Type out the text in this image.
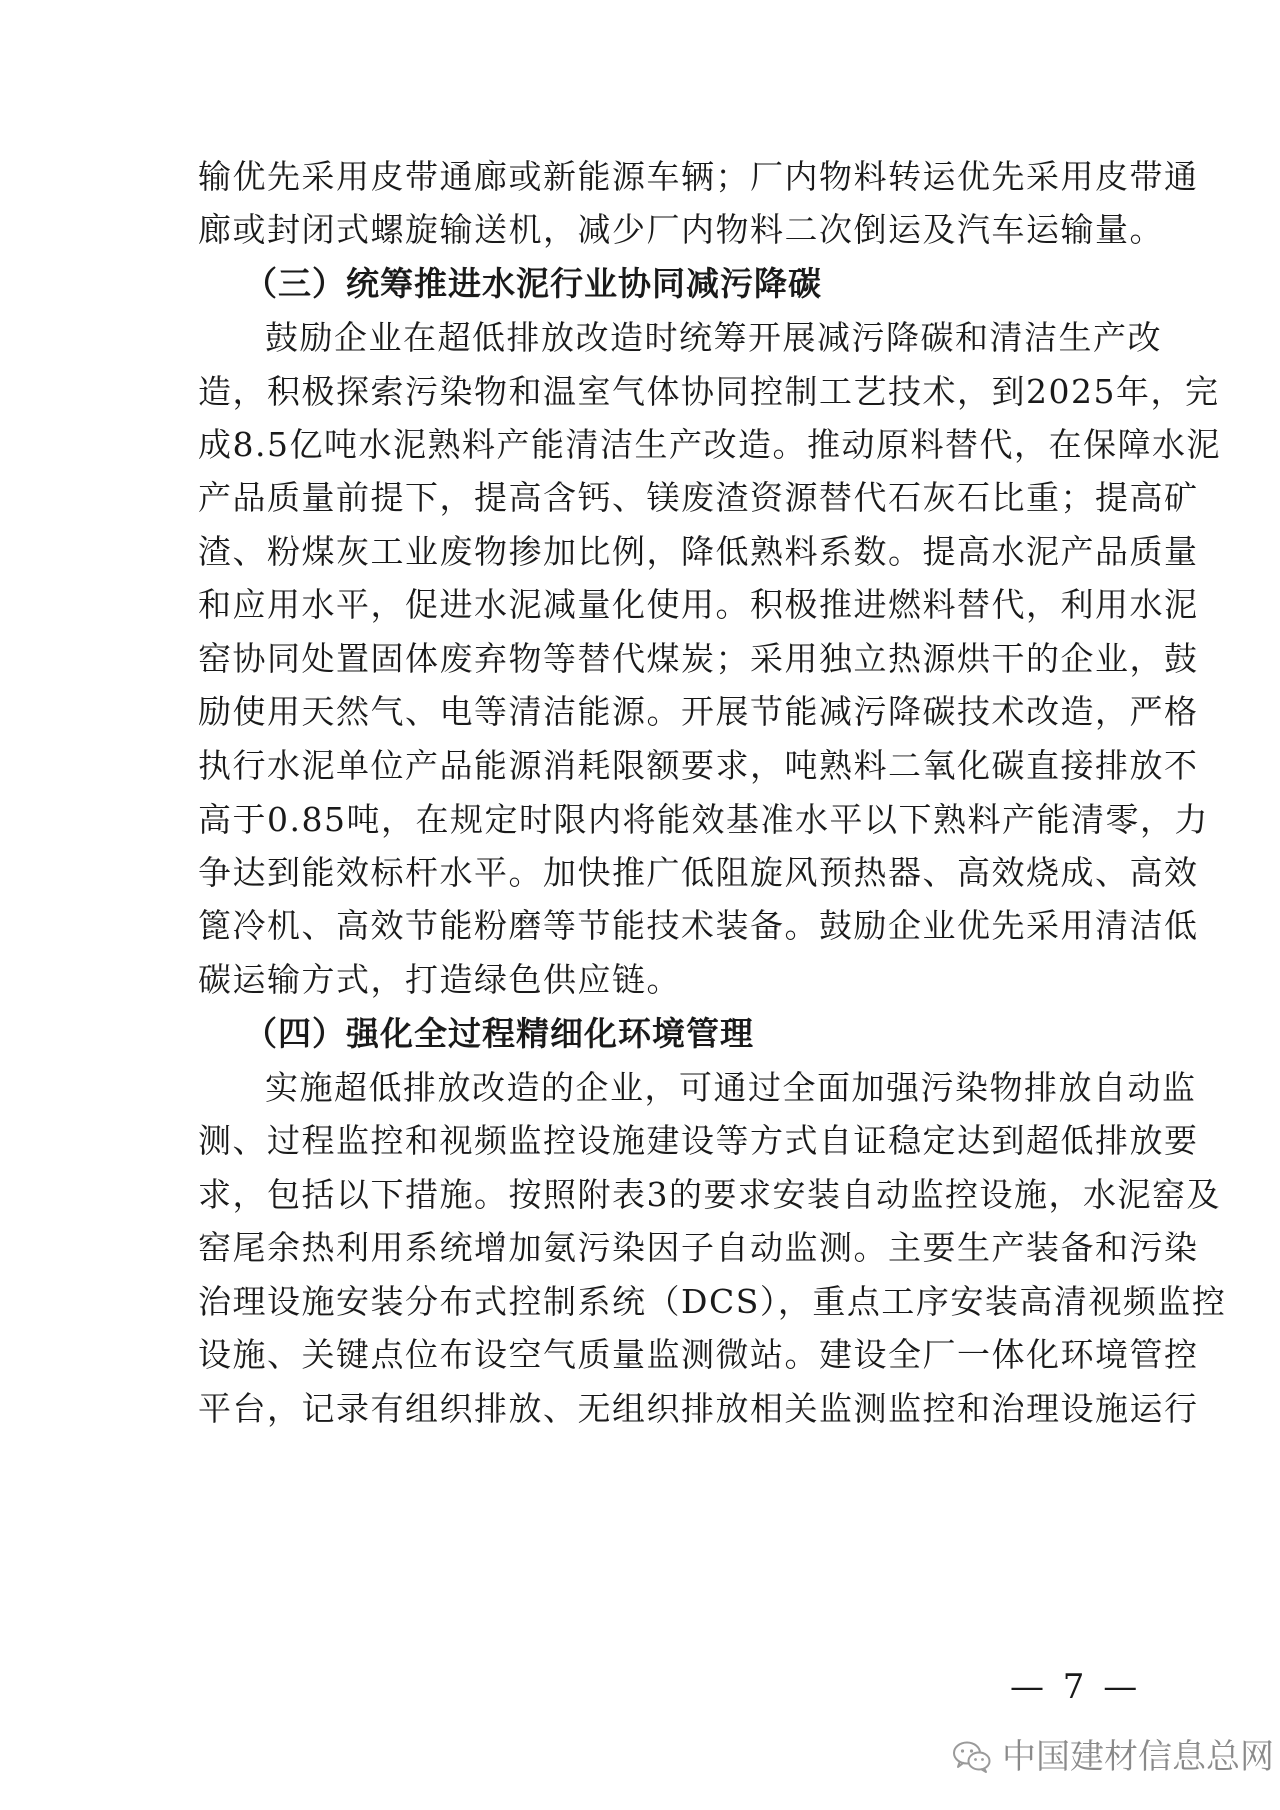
输优先采用皮带通廊或新能源车辆；厂内物料转运优先采用皮带通
廊或封闭式螺旋输送机，减少厂内物料二次倒运及汽车运输量。
（三）统筹推进水泥行业协同减污降碳
鼓励企业在超低排放改造时统筹开展减污降碳和清洁生产改
造，积极探索污染物和温室气体协同控制工艺技术，到2025年，完
成8.5亿吨水泥熟料产能清洁生产改造。推动原料替代，在保障水泥
产品质量前提下，提高含钙、镁废渣资源替代石灰石比重；提高矿
渣、粉煤灰工业废物掺加比例，降低熟料系数。提高水泥产品质量
和应用水平，促进水泥减量化使用。积极推进燃料替代，利用水泥
窑协同处置固体废弃物等替代煤炭；采用独立热源烘干的企业，鼓
励使用天然气、电等清洁能源。开展节能减污降碳技术改造，严格
执行水泥单位产品能源消耗限额要求，吨熟料二氧化碳直接排放不
高于0.85吨，在规定时限内将能效基准水平以下熟料产能清零，力
争达到能效标杆水平。加快推广低阻旋风预热器、高效烧成、高效
篦冷机、高效节能粉磨等节能技术装备。鼓励企业优先采用清洁低
碳运输方式，打造绿色供应链。
（四）强化全过程精细化环境管理
实施超低排放改造的企业，可通过全面加强污染物排放自动监
测、过程监控和视频监控设施建设等方式自证稳定达到超低排放要
求，包括以下措施。按照附表3的要求安装自动监控设施，水泥窑及
窑尾余热利用系统增加氨污染因子自动监测。主要生产装备和污染
治理设施安装分布式控制系统（DCS），重点工序安装高清视频监控
设施、关键点位布设空气质量监测微站。建设全厂一体化环境管控
平台，记录有组织排放、无组织排放相关监测监控和治理设施运行
— 7 —
中国建材信息总网
